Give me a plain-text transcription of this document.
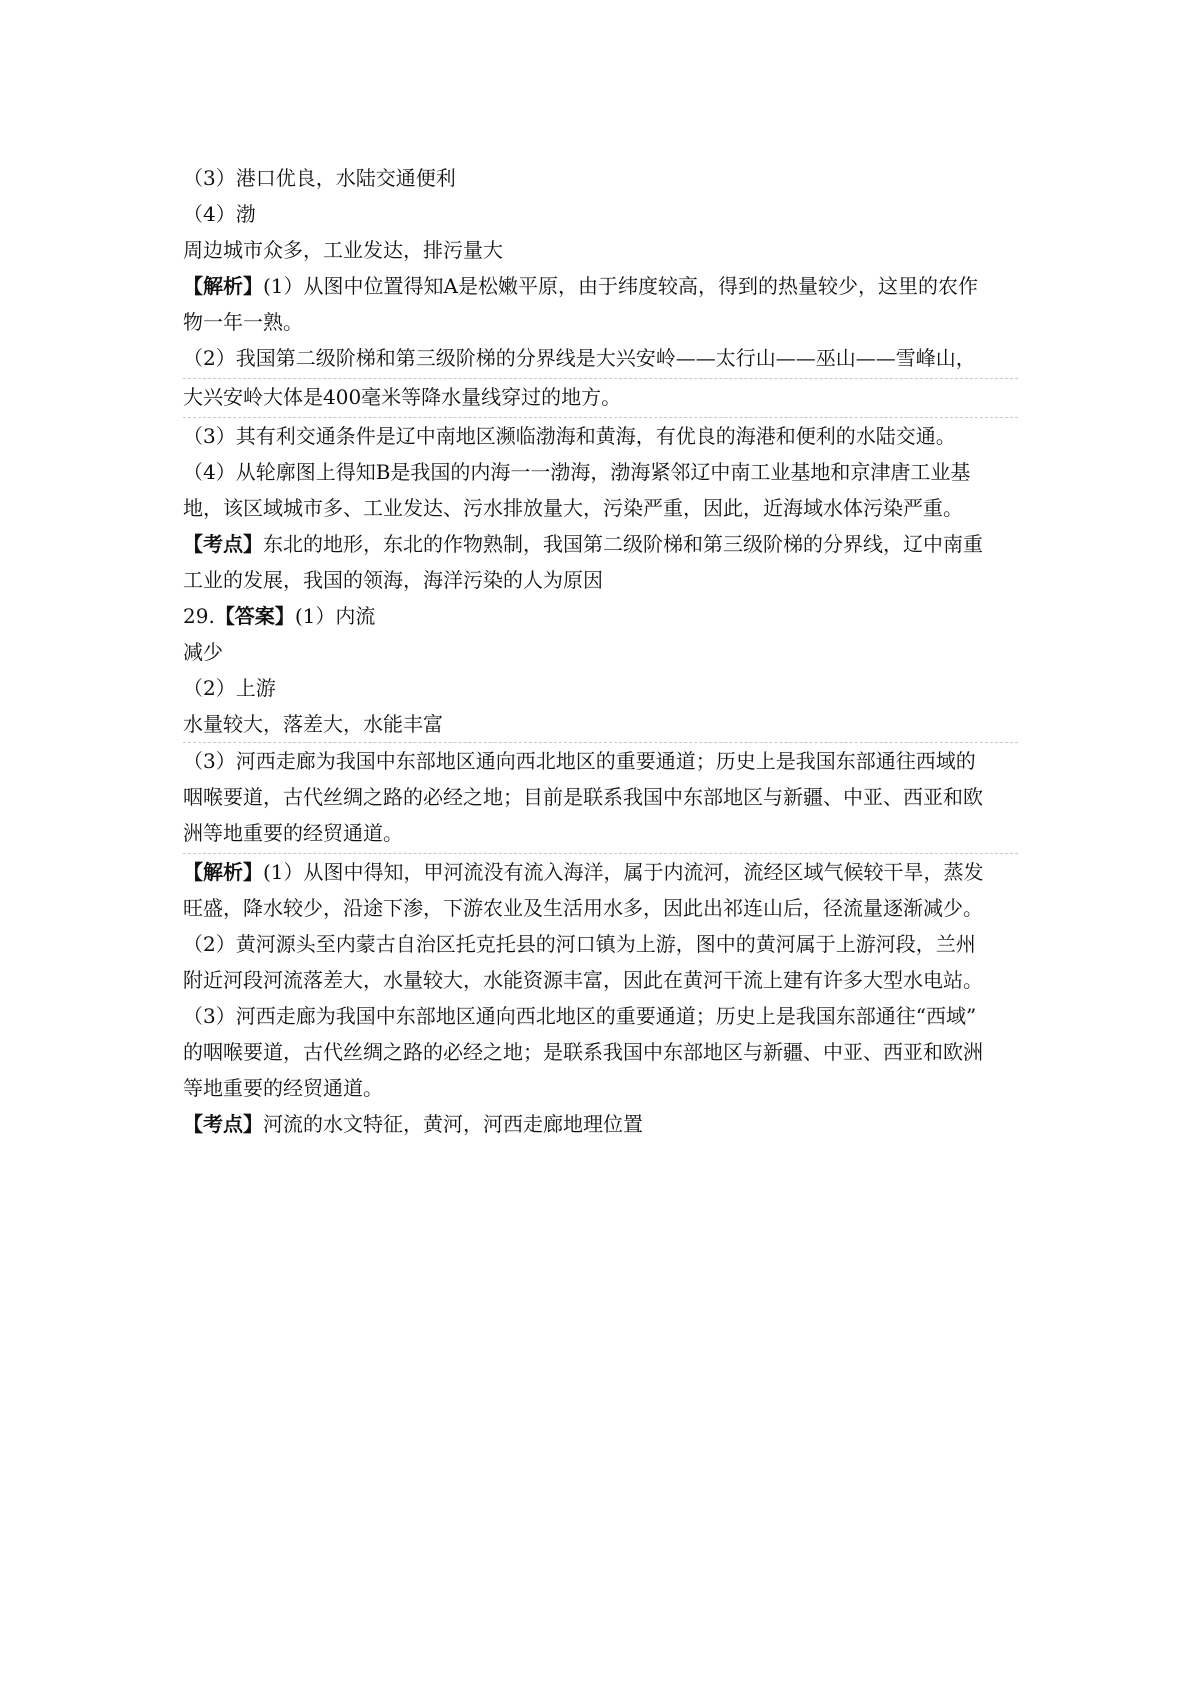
（3）港口优良，水陆交通便利
（4）渤
周边城市众多，工业发达，排污量大
【解析】(1）从图中位置得知A是松嫩平原，由于纬度较高，得到的热量较少，这里的农作
物一年一熟。
（2）我国第二级阶梯和第三级阶梯的分界线是大兴安岭——太行山——巫山——雪峰山，
大兴安岭大体是400毫米等降水量线穿过的地方。
（3）其有利交通条件是辽中南地区濒临渤海和黄海，有优良的海港和便利的水陆交通。
（4）从轮廓图上得知B是我国的内海一一渤海，渤海紧邻辽中南工业基地和京津唐工业基
地，该区域城市多、工业发达、污水排放量大，污染严重，因此，近海域水体污染严重。
【考点】东北的地形，东北的作物熟制，我国第二级阶梯和第三级阶梯的分界线，辽中南重
工业的发展，我国的领海，海洋污染的人为原因
29.【答案】(1）内流
减少
（2）上游
水量较大，落差大，水能丰富
（3）河西走廊为我国中东部地区通向西北地区的重要通道；历史上是我国东部通往西域的
咽喉要道，古代丝绸之路的必经之地；目前是联系我国中东部地区与新疆、中亚、西亚和欧
洲等地重要的经贸通道。
【解析】(1）从图中得知，甲河流没有流入海洋，属于内流河，流经区域气候较干旱，蒸发
旺盛，降水较少，沿途下渗，下游农业及生活用水多，因此出祁连山后，径流量逐渐减少。
（2）黄河源头至内蒙古自治区托克托县的河口镇为上游，图中的黄河属于上游河段，兰州
附近河段河流落差大，水量较大，水能资源丰富，因此在黄河干流上建有许多大型水电站。
（3）河西走廊为我国中东部地区通向西北地区的重要通道；历史上是我国东部通往“西域”
的咽喉要道，古代丝绸之路的必经之地；是联系我国中东部地区与新疆、中亚、西亚和欧洲
等地重要的经贸通道。
【考点】河流的水文特征，黄河，河西走廊地理位置
